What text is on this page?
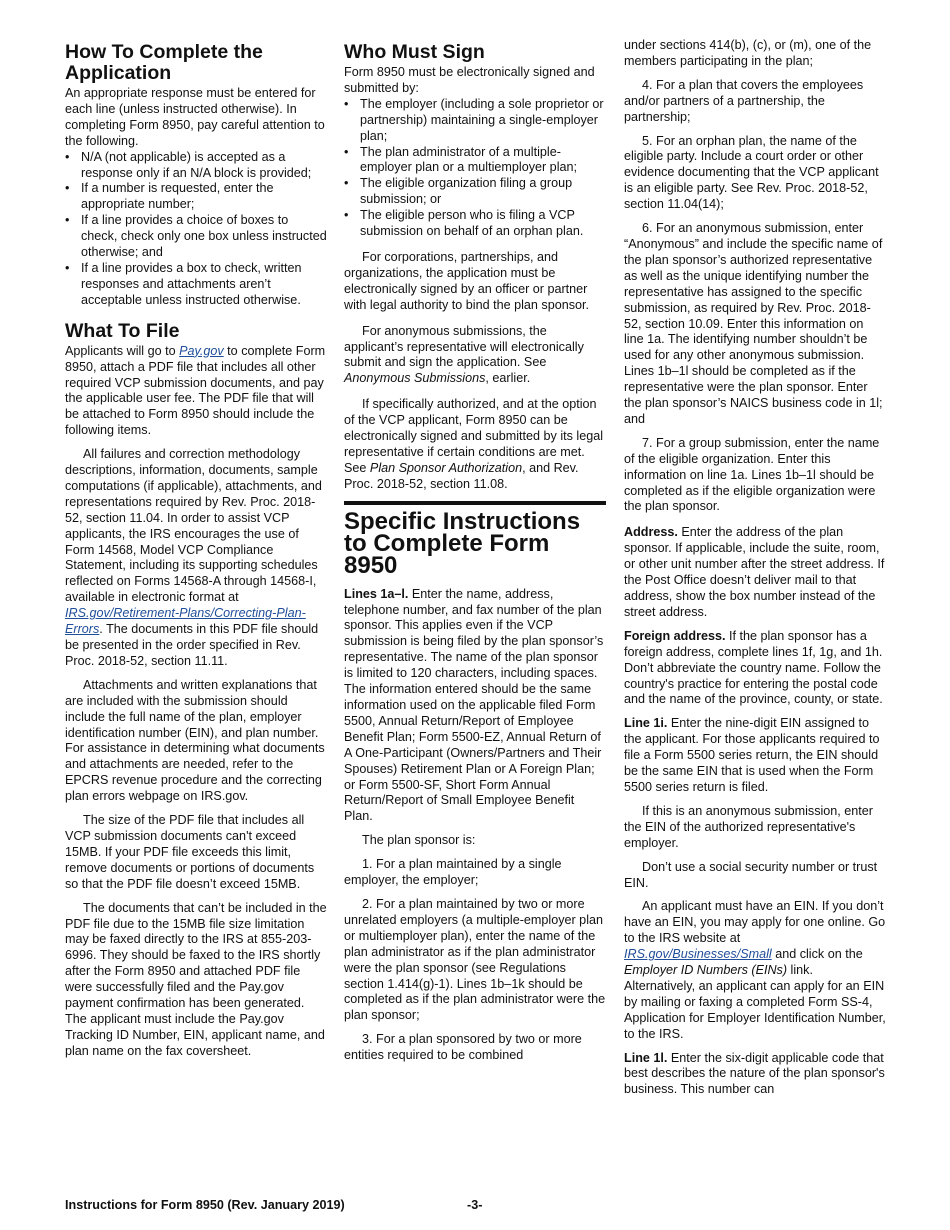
How To Complete the Application

An appropriate response must be entered for each line (unless instructed otherwise). In completing Form 8950, pay careful attention to the following.

• N/A (not applicable) is accepted as a response only if an N/A block is provided;
• If a number is requested, enter the appropriate number;
• If a line provides a choice of boxes to check, check only one box unless instructed otherwise; and
• If a line provides a box to check, written responses and attachments aren’t acceptable unless instructed otherwise.
What To File

Applicants will go to Pay.gov to complete Form 8950, attach a PDF file that includes all other required VCP submission documents, and pay the applicable user fee. The PDF file that will be attached to Form 8950 should include the following items.

All failures and correction methodology descriptions, information, documents, sample computations (if applicable), attachments, and representations required by Rev. Proc. 2018-52, section 11.04. In order to assist VCP applicants, the IRS encourages the use of Form 14568, Model VCP Compliance Statement, including its supporting schedules reflected on Forms 14568-A through 14568-I, available in electronic format at IRS.gov/Retirement-Plans/Correcting-Plan-Errors. The documents in this PDF file should be presented in the order specified in Rev. Proc. 2018-52, section 11.11.

Attachments and written explanations that are included with the submission should include the full name of the plan, employer identification number (EIN), and plan number. For assistance in determining what documents and attachments are needed, refer to the EPCRS revenue procedure and the correcting plan errors webpage on IRS.gov.

The size of the PDF file that includes all VCP submission documents can't exceed 15MB. If your PDF file exceeds this limit, remove documents or portions of documents so that the PDF file doesn’t exceed 15MB.

The documents that can’t be included in the PDF file due to the 15MB file size limitation may be faxed directly to the IRS at 855-203-6996. They should be faxed to the IRS shortly after the Form 8950 and attached PDF file were successfully filed and the Pay.gov payment confirmation has been generated. The applicant must include the Pay.gov Tracking ID Number, EIN, applicant name, and plan name on the fax coversheet.

Who Must Sign

Form 8950 must be electronically signed and submitted by:

• The employer (including a sole proprietor or partnership) maintaining a single-employer plan;
• The plan administrator of a multiple-employer plan or a multiemployer plan;
• The eligible organization filing a group submission; or
• The eligible person who is filing a VCP submission on behalf of an orphan plan.

For corporations, partnerships, and organizations, the application must be electronically signed by an officer or partner with legal authority to bind the plan sponsor.

For anonymous submissions, the applicant’s representative will electronically submit and sign the application. See Anonymous Submissions, earlier.

If specifically authorized, and at the option of the VCP applicant, Form 8950 can be electronically signed and submitted by its legal representative if certain conditions are met. See Plan Sponsor Authorization, and Rev. Proc. 2018-52, section 11.08.

Specific Instructions to Complete Form 8950

Lines 1a–l. Enter the name, address, telephone number, and fax number of the plan sponsor. This applies even if the VCP submission is being filed by the plan sponsor’s representative. The name of the plan sponsor is limited to 120 characters, including spaces. The information entered should be the same information used on the applicable filed Form 5500, Annual Return/Report of Employee Benefit Plan; Form 5500-EZ, Annual Return of A One-Participant (Owners/Partners and Their Spouses) Retirement Plan or A Foreign Plan; or Form 5500-SF, Short Form Annual Return/Report of Small Employee Benefit Plan.

The plan sponsor is:

1. For a plan maintained by a single employer, the employer;

2. For a plan maintained by two or more unrelated employers (a multiple-employer plan or multiemployer plan), enter the name of the plan administrator as if the plan administrator were the plan sponsor (see Regulations section 1.414(g)-1). Lines 1b–1k should be completed as if the plan administrator were the plan sponsor;

3. For a plan sponsored by two or more entities required to be combined

under sections 414(b), (c), or (m), one of the members participating in the plan;

4. For a plan that covers the employees and/or partners of a partnership, the partnership;

5. For an orphan plan, the name of the eligible party. Include a court order or other evidence documenting that the VCP applicant is an eligible party. See Rev. Proc. 2018-52, section 11.04(14);

6. For an anonymous submission, enter “Anonymous” and include the specific name of the plan sponsor’s authorized representative as well as the unique identifying number the representative has assigned to the specific submission, as required by Rev. Proc. 2018-52, section 10.09. Enter this information on line 1a. The identifying number shouldn’t be used for any other anonymous submission. Lines 1b–1l should be completed as if the representative were the plan sponsor. Enter the plan sponsor’s NAICS business code in 1l; and

7. For a group submission, enter the name of the eligible organization. Enter this information on line 1a. Lines 1b–1l should be completed as if the eligible organization were the plan sponsor.

Address. Enter the address of the plan sponsor. If applicable, include the suite, room, or other unit number after the street address. If the Post Office doesn’t deliver mail to that address, show the box number instead of the street address.

Foreign address. If the plan sponsor has a foreign address, complete lines 1f, 1g, and 1h. Don’t abbreviate the country name. Follow the country's practice for entering the postal code and the name of the province, county, or state.

Line 1i. Enter the nine-digit EIN assigned to the applicant. For those applicants required to file a Form 5500 series return, the EIN should be the same EIN that is used when the Form 5500 series return is filed.

If this is an anonymous submission, enter the EIN of the authorized representative's employer.

Don’t use a social security number or trust EIN.

An applicant must have an EIN. If you don’t have an EIN, you may apply for one online. Go to the IRS website at IRS.gov/Businesses/Small and click on the Employer ID Numbers (EINs) link. Alternatively, an applicant can apply for an EIN by mailing or faxing a completed Form SS-4, Application for Employer Identification Number, to the IRS.

Line 1l. Enter the six-digit applicable code that best describes the nature of the plan sponsor's business. This number can

Instructions for Form 8950 (Rev. January 2019)	-3-
